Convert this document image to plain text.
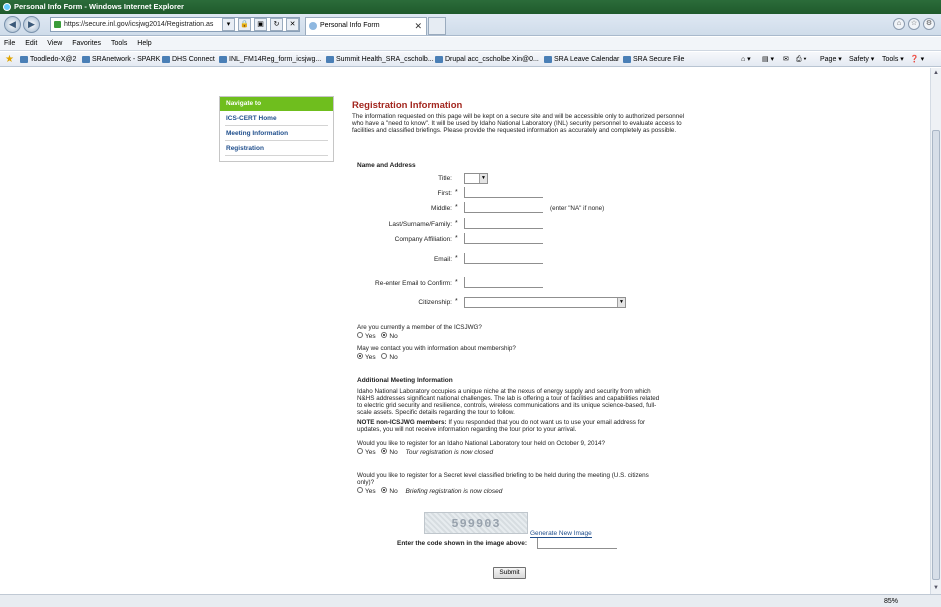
Personal Info Form - Windows Internet Explorer
◀	▶	https://secure.inl.gov/icsjwg2014/Registration.as	▾	🔒	▣	↻	✕	Personal Info Form	✕	⌂	☆	⚙
File Edit View Favorites Tools Help
★	Toodledo-X@2	SRAnetwork - SPARK	DHS Connect	INL_FM14Reg_form_icsjwg...	Summit Health_SRA_cscholb...	Drupal acc_cscholbe Xin@0...	SRA Leave Calendar	SRA Secure File	⌂ ▾ ▤ ▾ ✉ ⎙ ▾ Page ▾ Safety ▾ Tools ▾ ❓ ▾
Navigate to
ICS-CERT Home
Meeting Information
Registration
Registration Information
The information requested on this page will be kept on a secure site and will be accessible only to authorized personnel who have a "need to know". It will be used by Idaho National Laboratory (INL) security personnel to evaluate access to facilities and classified briefings. Please provide the requested information as accurately and completely as possible.
Name and Address
Title:	▼
First: *
Middle: *	(enter "NA" if none)
Last/Surname/Family: *
Company Affiliation: *
Email: *
Re-enter Email to Confirm: *
Citizenship: *	▼
Are you currently a member of the ICSJWG?
Yes No
May we contact you with information about membership?
Yes No
Additional Meeting Information
Idaho National Laboratory occupies a unique niche at the nexus of energy supply and security from which N&HS addresses significant national challenges. The lab is offering a tour of facilities and capabilities related to electric grid security and resilience, controls, wireless communications and its unique science-based, full-scale assets. Specific details regarding the tour to follow.
NOTE non-ICSJWG members: If you responded that you do not want us to use your email address for updates, you will not receive information regarding the tour prior to your arrival.
Would you like to register for an Idaho National Laboratory tour held on October 9, 2014?
Yes No Tour registration is now closed
Would you like to register for a Secret level classified briefing to be held during the meeting (U.S. citizens only)?
Yes No Briefing registration is now closed
599903
Generate New Image
Enter the code shown in the image above:
Submit
▲
▼
85%
